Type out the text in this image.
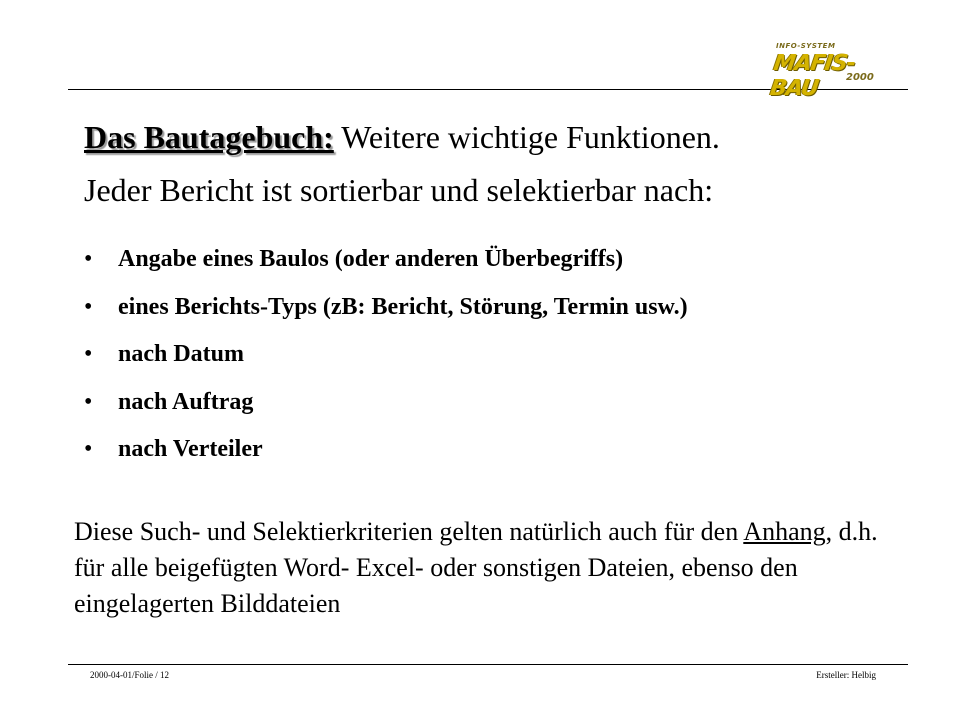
INFO-SYSTEM
MAFIS-BAU	2000
Das Bautagebuch: Weitere wichtige Funktionen.
Jeder Bericht ist sortierbar und selektierbar nach:
• Angabe eines Baulos (oder anderen Überbegriffs)
• eines Berichts-Typs (zB: Bericht, Störung, Termin usw.)
• nach Datum
• nach Auftrag
• nach Verteiler

Diese Such- und Selektierkriterien gelten natürlich auch für den Anhang, d.h. für alle beigefügten Word- Excel- oder sonstigen Dateien, ebenso den eingelagerten Bilddateien

2000-04-01/Folie / 12	Ersteller: Helbig
